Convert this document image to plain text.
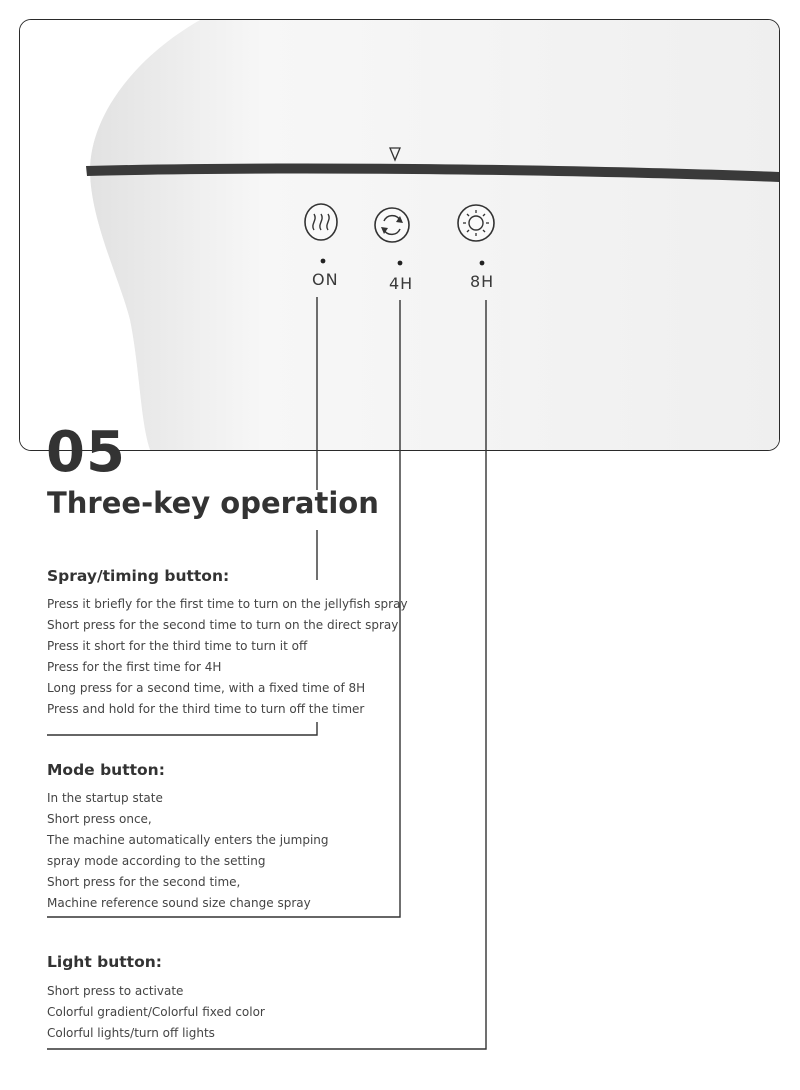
ON	4H	8H
05
Three-key operation
Spray/timing button:
Press it briefly for the first time to turn on the jellyfish spray
Short press for the second time to turn on the direct spray
Press it short for the third time to turn it off
Press for the first time for 4H
Long press for a second time, with a fixed time of 8H
Press and hold for the third time to turn off the timer
Mode button:
In the startup state
Short press once,
The machine automatically enters the jumping
spray mode according to the setting
Short press for the second time,
Machine reference sound size change spray
Light button:
Short press to activate
Colorful gradient/Colorful fixed color
Colorful lights/turn off lights
